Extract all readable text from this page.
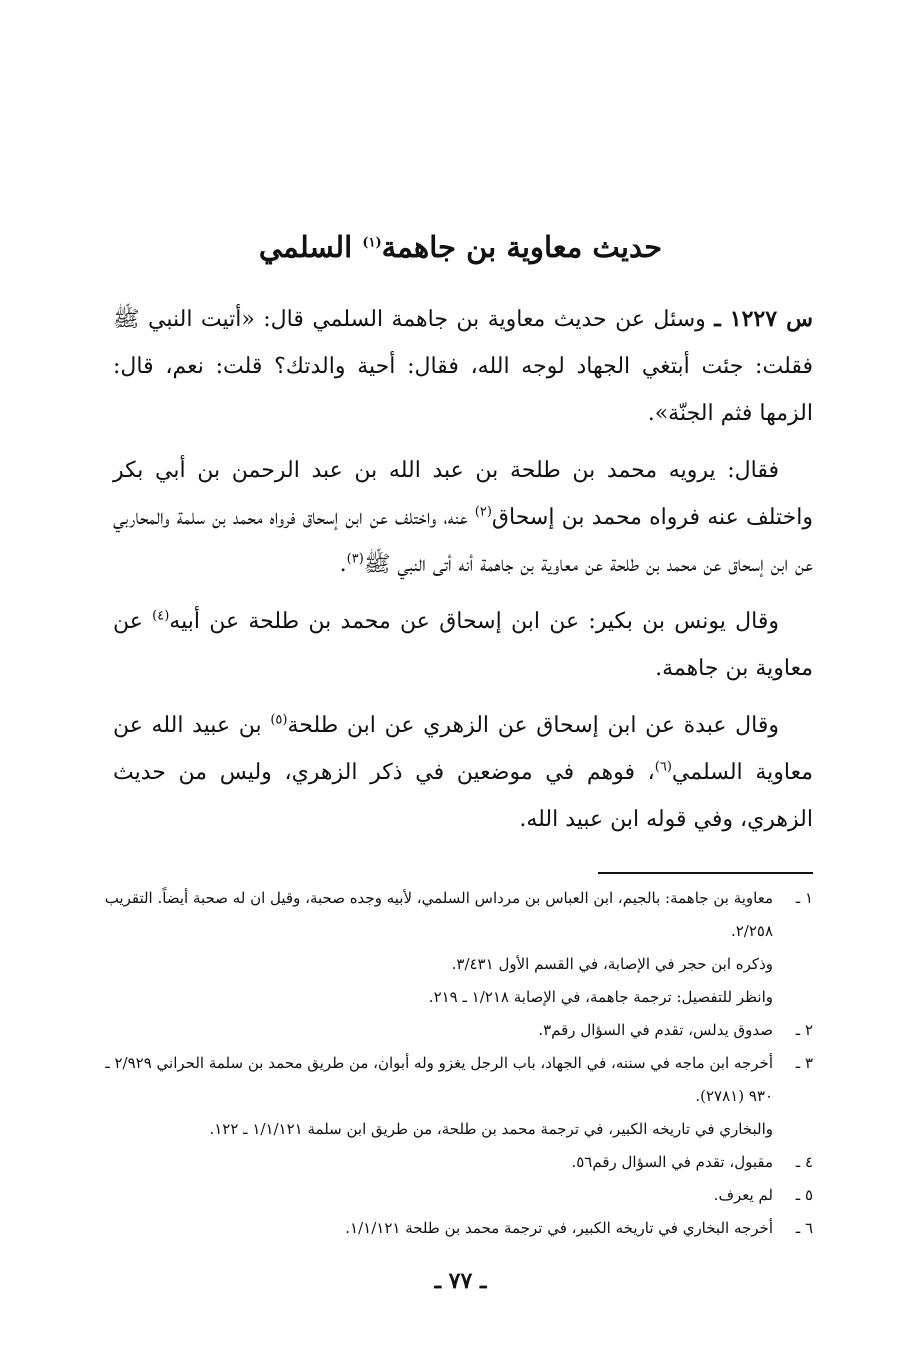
حديث معاوية بن جاهمة$^{(١)}$ السلمي

س ١٢٢٧ ـ وسئل عن حديث معاوية بن جاهمة السلمي قال: «أتيت النبي ﷺ فقلت: جئت أبتغي الجهاد لوجه الله، فقال: أحية والدتك؟ قلت: نعم، قال: الزمها فثم الجنّة».

فقال: يرويه محمد بن طلحة بن عبد الله بن عبد الرحمن بن أبي بكر واختلف عنه فرواه محمد بن إسحاق$^{(٢)}$ عنه، واختلف عن ابن إسحاق فرواه محمد بن سلمة والمحاربي عن ابن إسحاق عن محمد بن طلحة عن معاوية بن جاهمة أنه أتى النبي ﷺ$^{(٣)}$.

وقال يونس بن بكير: عن ابن إسحاق عن محمد بن طلحة عن أبيه$^{(٤)}$ عن معاوية بن جاهمة.

وقال عبدة عن ابن إسحاق عن الزهري عن ابن طلحة$^{(٥)}$ بن عبيد الله عن معاوية السلمي$^{(٦)}$، فوهم في موضعين في ذكر الزهري، وليس من حديث الزهري، وفي قوله ابن عبيد الله.

١ ـ
معاوية بن جاهمة: بالجيم، ابن العباس بن مرداس السلمي، لأبيه وجده صحبة، وقيل ان له صحبة أيضاً. التقريب ٢/٢٥٨.
وذكره ابن حجر في الإصابة، في القسم الأول ٣/٤٣١.
وانظر للتفصيل: ترجمة جاهمة، في الإصابة ١/٢١٨ ـ ٢١٩.
٢ ـ
صدوق يدلس، تقدم في السؤال رقم٣.
٣ ـ
أخرجه ابن ماجه في سننه، في الجهاد، باب الرجل يغزو وله أبوان، من طريق محمد بن سلمة الحراني ٢/٩٢٩ ـ ٩٣٠ (٢٧٨١).
والبخاري في تاريخه الكبير، في ترجمة محمد بن طلحة، من طريق ابن سلمة ١/١/١٢١ ـ ١٢٢.
٤ ـ
مقبول، تقدم في السؤال رقم٥٦.
٥ ـ
لم يعرف.
٦ ـ
أخرجه البخاري في تاريخه الكبير، في ترجمة محمد بن طلحة ١/١/١٢١.
ـ ٧٧ ـ
